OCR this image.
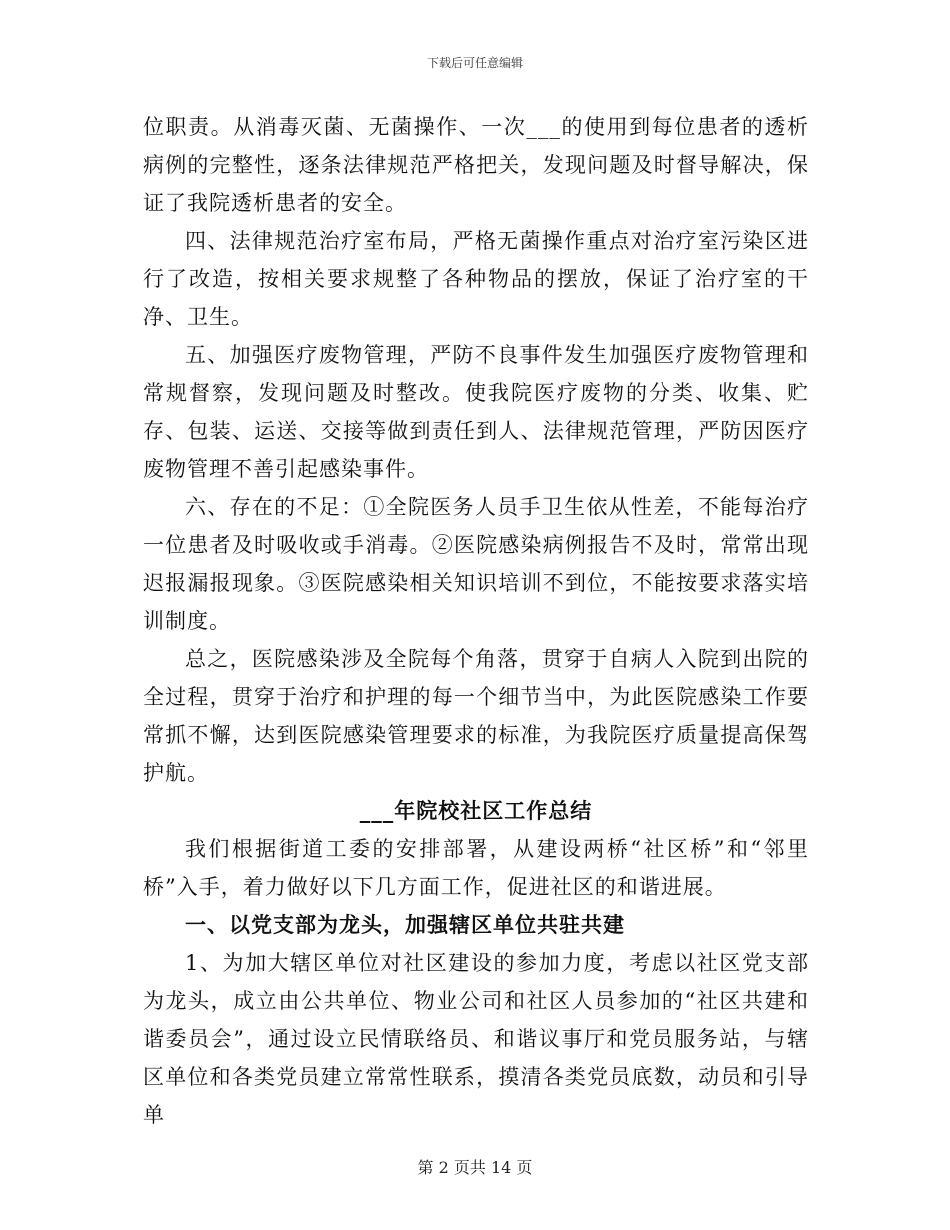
下载后可任意编辑

位职责。从消毒灭菌、无菌操作、一次___的使用到每位患者的透析病例的完整性，逐条法律规范严格把关，发现问题及时督导解决，保证了我院透析患者的安全。

四、法律规范治疗室布局，严格无菌操作重点对治疗室污染区进行了改造，按相关要求规整了各种物品的摆放，保证了治疗室的干净、卫生。

五、加强医疗废物管理，严防不良事件发生加强医疗废物管理和常规督察，发现问题及时整改。使我院医疗废物的分类、收集、贮存、包装、运送、交接等做到责任到人、法律规范管理，严防因医疗废物管理不善引起感染事件。

六、存在的不足：①全院医务人员手卫生依从性差，不能每治疗一位患者及时吸收或手消毒。②医院感染病例报告不及时，常常出现迟报漏报现象。③医院感染相关知识培训不到位，不能按要求落实培训制度。

总之，医院感染涉及全院每个角落，贯穿于自病人入院到出院的全过程，贯穿于治疗和护理的每一个细节当中，为此医院感染工作要常抓不懈，达到医院感染管理要求的标准，为我院医疗质量提高保驾护航。

___年院校社区工作总结

我们根据街道工委的安排部署，从建设两桥“社区桥”和“邻里桥”入手，着力做好以下几方面工作，促进社区的和谐进展。

一、以党支部为龙头，加强辖区单位共驻共建

1、为加大辖区单位对社区建设的参加力度，考虑以社区党支部为龙头，成立由公共单位、物业公司和社区人员参加的“社区共建和谐委员会”，通过设立民情联络员、和谐议事厅和党员服务站，与辖区单位和各类党员建立常常性联系，摸清各类党员底数，动员和引导单

第 2 页共 14 页
